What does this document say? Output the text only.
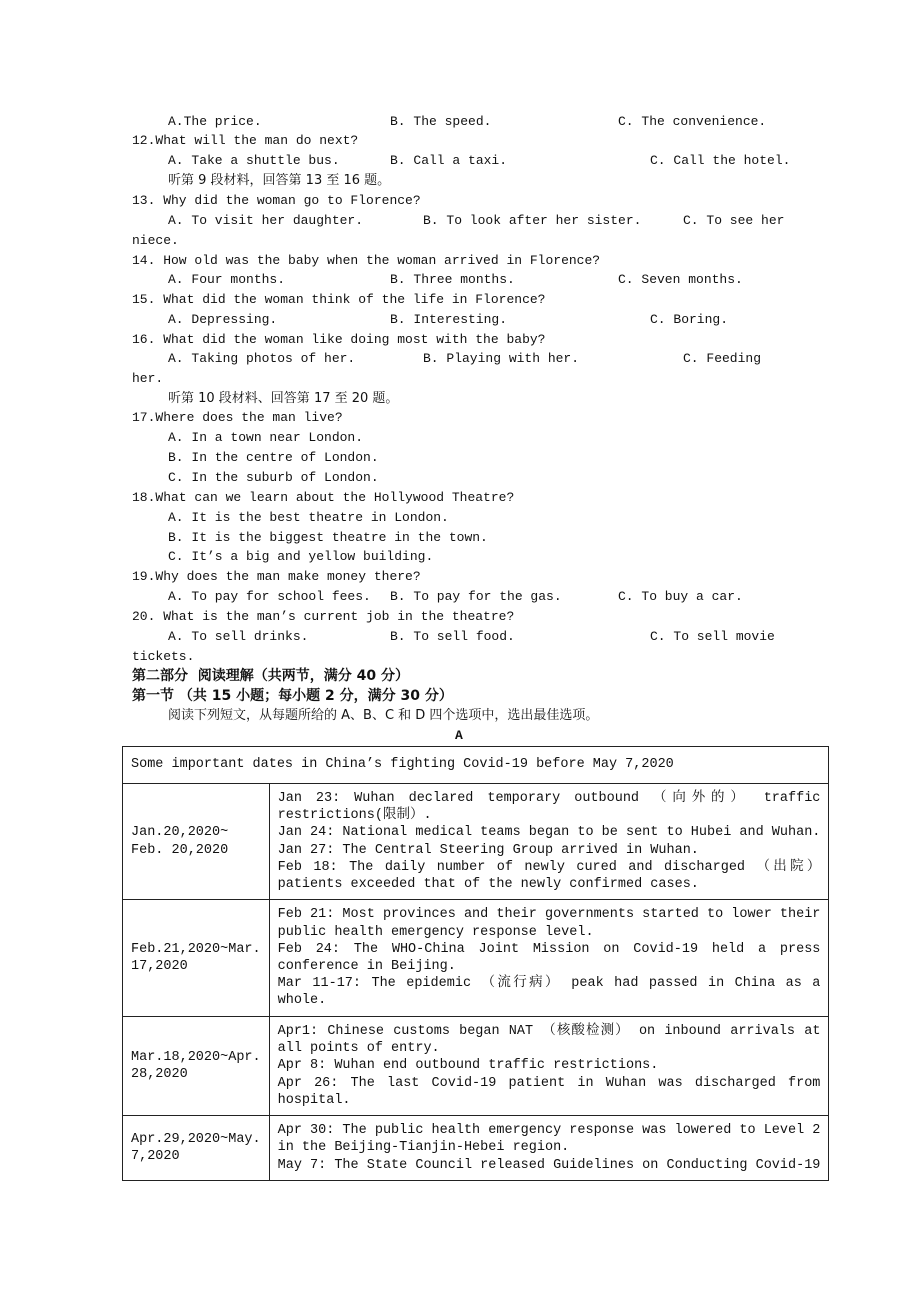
A.The price.	B. The speed.	C. The convenience.
12.What will the man do next?
A. Take a shuttle bus.	B. Call a taxi.	C. Call the hotel.
听第 9 段材料，回答第 13 至 16 题。
13. Why did the woman go to Florence?
A. To visit her daughter.	B. To look after her sister.	C. To see her
niece.
14. How old was the baby when the woman arrived in Florence?
A. Four months.	B. Three months.	C. Seven months.
15. What did the woman think of the life in Florence?
A. Depressing.	B. Interesting.	C. Boring.
16. What did the woman like doing most with the baby?
A. Taking photos of her.	B. Playing with her.	C. Feeding
her.
听第 10 段材料、回答第 17 至 20 题。
17.Where does the man live?
A. In a town near London.
B. In the centre of London.
C. In the suburb of London.
18.What can we learn about the Hollywood Theatre?
A. It is the best theatre in London.
B. It is the biggest theatre in the town.
C. It’s a big and yellow building.
19.Why does the man make money there?
A. To pay for school fees. B. To pay for the gas.	C. To buy a car.
20. What is the man’s current job in the theatre?
A. To sell drinks.	B. To sell food.	C. To sell movie
tickets.
第二部分  阅读理解（共两节，满分 40 分）
第一节 （共 15 小题；每小题 2 分，满分 30 分）
阅读下列短文，从每题所给的 A、B、C 和 D 四个选项中，选出最佳选项。
A
Some important dates in China’s fighting Covid-19 before May 7,2020	
Jan.20,2020~ Feb. 20,2020	Jan 23: Wuhan declared temporary outbound （向外的） traffic restrictions(限制）.
Jan 24: National medical teams began to be sent to Hubei and Wuhan.
Jan 27: The Central Steering Group arrived in Wuhan.
Feb 18: The daily number of newly cured and discharged （出院） patients exceeded that of the newly confirmed cases.

Feb.21,2020~Mar. 17,2020	Feb 21: Most provinces and their governments started to lower their public health emergency response level.
Feb 24: The WHO-China Joint Mission on Covid-19 held a press conference in Beijing.
Mar 11-17: The epidemic （流行病） peak had passed in China as a whole.

Mar.18,2020~Apr. 28,2020	Apr1: Chinese customs began NAT （核酸检测） on inbound arrivals at all points of entry.
Apr 8: Wuhan end outbound traffic restrictions.
Apr 26: The last Covid-19 patient in Wuhan was discharged from hospital.

Apr.29,2020~May. 7,2020	Apr 30: The public health emergency response was lowered to Level 2 in the Beijing-Tianjin-Hebei region.
May 7: The State Council released Guidelines on Conducting Covid-19
